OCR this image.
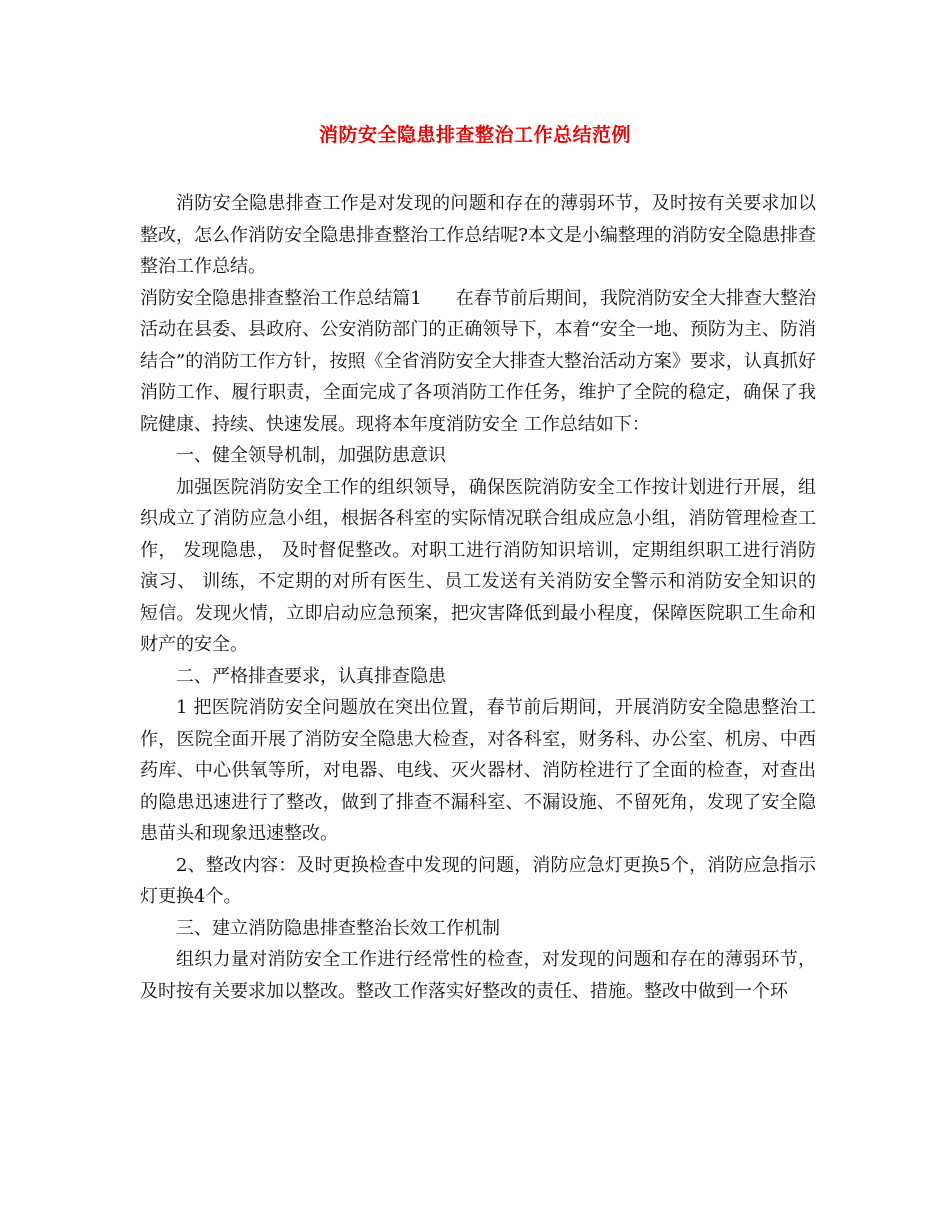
消防安全隐患排查整治工作总结范例

消防安全隐患排查工作是对发现的问题和存在的薄弱环节，及时按有关要求加以整改，怎么作消防安全隐患排查整治工作总结呢?本文是小编整理的消防安全隐患排查整治工作总结。

消防安全隐患排查整治工作总结篇1 在春节前后期间，我院消防安全大排查大整治活动在县委、县政府、公安消防部门的正确领导下，本着“安全一地、预防为主、防消结合”的消防工作方针，按照《全省消防安全大排查大整治活动方案》要求，认真抓好消防工作、履行职责，全面完成了各项消防工作任务，维护了全院的稳定，确保了我院健康、持续、快速发展。现将本年度消防安全 工作总结如下：

一、健全领导机制，加强防患意识

加强医院消防安全工作的组织领导，确保医院消防安全工作按计划进行开展，组织成立了消防应急小组，根据各科室的实际情况联合组成应急小组，消防管理检查工作， 发现隐患， 及时督促整改。对职工进行消防知识培训，定期组织职工进行消防演习、 训练，不定期的对所有医生、员工发送有关消防安全警示和消防安全知识的 短信。发现火情，立即启动应急预案，把灾害降低到最小程度，保障医院职工生命和财产的安全。

二、严格排查要求，认真排查隐患

1 把医院消防安全问题放在突出位置，春节前后期间，开展消防安全隐患整治工作，医院全面开展了消防安全隐患大检查，对各科室，财务科、办公室、机房、中西药库、中心供氧等所，对电器、电线、灭火器材、消防栓进行了全面的检查，对查出的隐患迅速进行了整改，做到了排查不漏科室、不漏设施、不留死角，发现了安全隐患苗头和现象迅速整改。

2、整改内容：及时更换检查中发现的问题，消防应急灯更换5个，消防应急指示灯更换4个。

三、建立消防隐患排查整治长效工作机制

组织力量对消防安全工作进行经常性的检查，对发现的问题和存在的薄弱环节，及时按有关要求加以整改。整改工作落实好整改的责任、措施。整改中做到一个环
